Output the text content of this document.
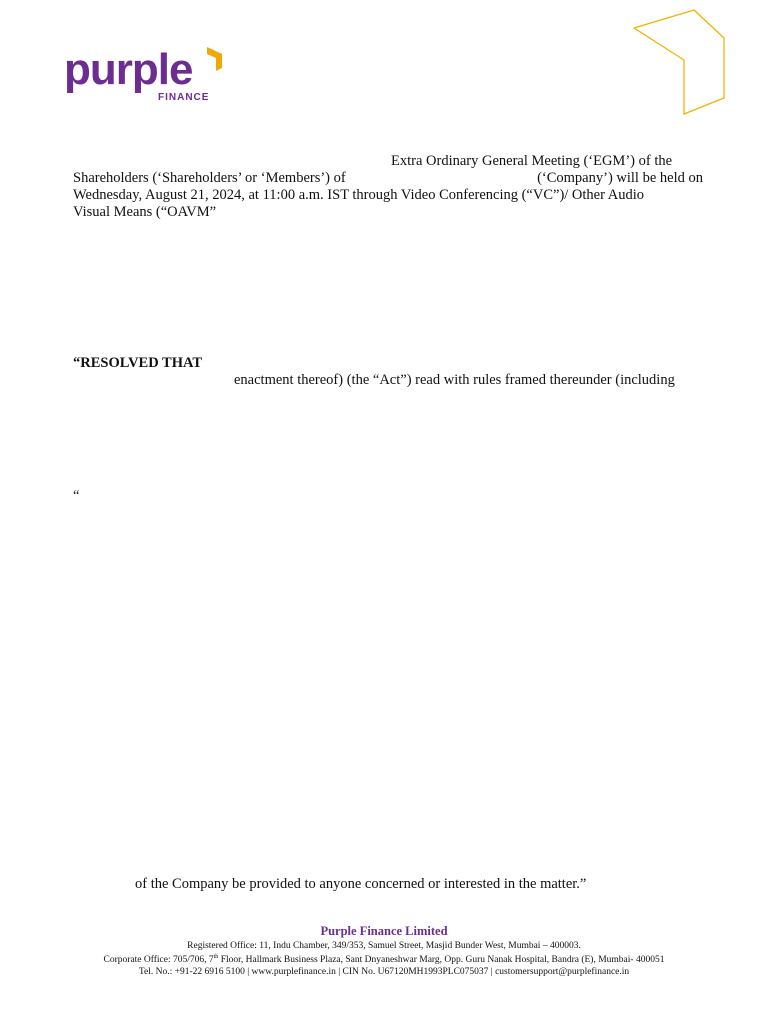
purple
FINANCE
Extra Ordinary General Meeting (‘EGM’) of the
Shareholders (‘Shareholders’ or ‘Members’) of	(‘Company’) will be held on
Wednesday, August 21, 2024, at 11:00 a.m. IST through Video Conferencing (“VC”)/ Other Audio
Visual Means (“OAVM”
“RESOLVED THAT
enactment thereof) (the “Act”) read with rules framed thereunder (including
“
of the Company be provided to anyone concerned or interested in the matter.”
Purple Finance Limited
Registered Office: 11, Indu Chamber, 349/353, Samuel Street, Masjid Bunder West, Mumbai – 400003.
Corporate Office: 705/706, 7th Floor, Hallmark Business Plaza, Sant Dnyaneshwar Marg, Opp. Guru Nanak Hospital, Bandra (E), Mumbai- 400051
Tel. No.: +91-22 6916 5100 | www.purplefinance.in | CIN No. U67120MH1993PLC075037 | customersupport@purplefinance.in
